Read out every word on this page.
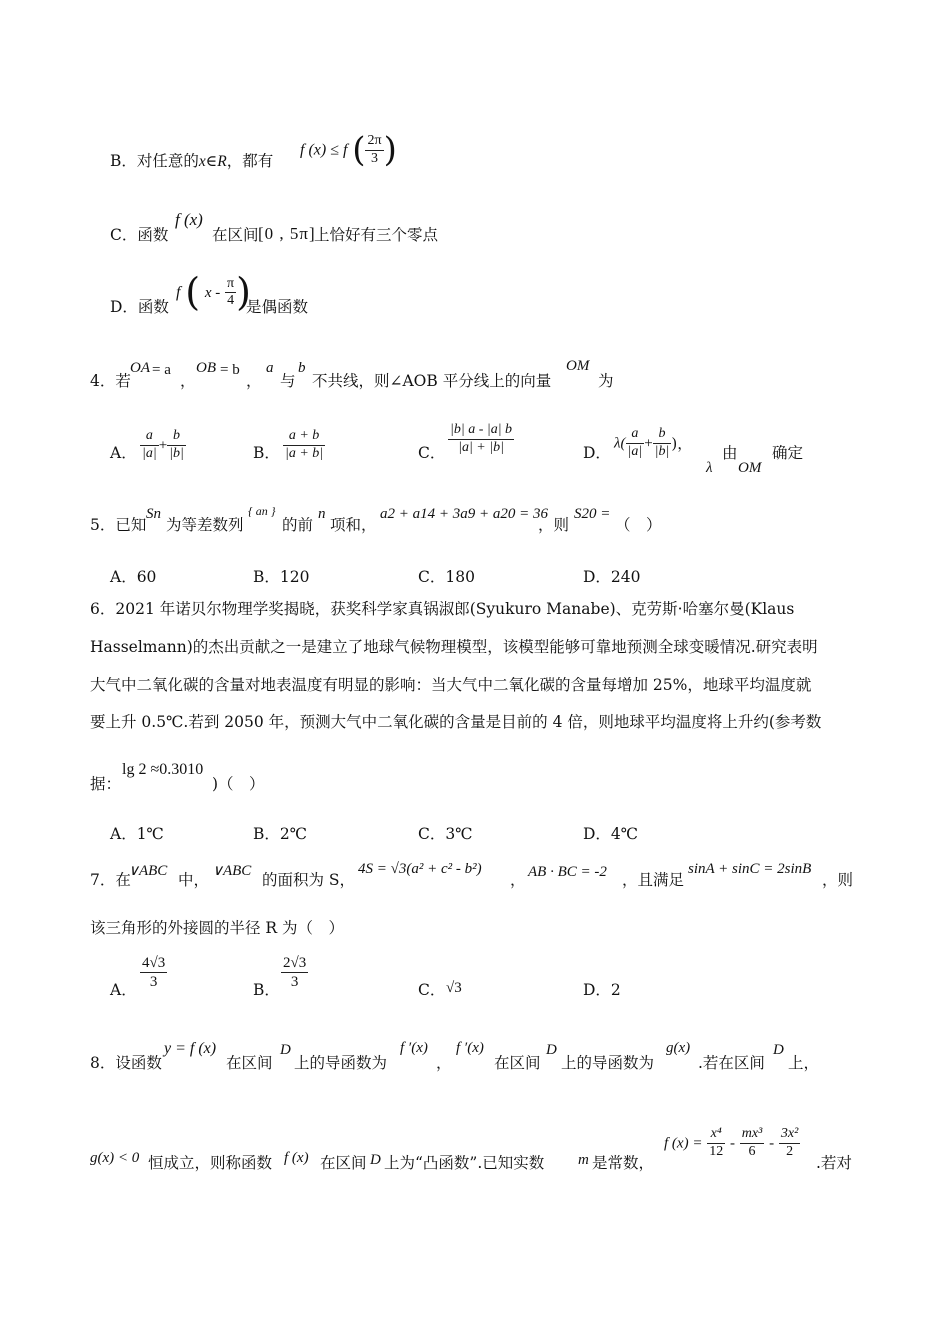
B．对任意的x∈R，都有
f (x) ≤ f ( $\frac{2\pi}{3}$ )
C．函数
f (x)
在区间 [0 , 5π]
上恰好有三个零点
D．函数
f ( x - $\frac{\pi}{4}$ )
是偶函数
4．若
OA = a
，
OB = b
，
a
与
b
不共线，则∠AOB 平分线上的向量
OM
为
A． $\frac{a}{|a|} + \frac{b}{|b|}$	B． $\frac{a + b}{|a + b|}$	C． $\frac{|b| a - |a| b}{|a| + |b|}$	D．
$\lambda( \frac{a}{|a|} + \frac{b}{|b|}$ )，
由
λ OM
确定
5．已知
Sn
为等差数列
{ an }
的前
n
项和，
a2 + a14 + 3a9 + a20 = 36
，则
S20 =
（　）
A．60	B．120	C．180	D．240
6．2021 年诺贝尔物理学奖揭晓，获奖科学家真锅淑郎(Syukuro Manabe)、克劳斯·哈塞尔曼(Klaus
Hasselmann)的杰出贡献之一是建立了地球气候物理模型，该模型能够可靠地预测全球变暖情况.研究表明
大气中二氧化碳的含量对地表温度有明显的影响：当大气中二氧化碳的含量每增加 25%，地球平均温度就
要上升 0.5℃.若到 2050 年，预测大气中二氧化碳的含量是目前的 4 倍，则地球平均温度将上升约(参考数
据：
lg 2 ≈0.3010
)（　）
A．1℃	B．2℃	C．3℃	D．4℃
7．在
∨ABC 中， ∨ABC 的面积为 S，
4S = √3(a² + c² - b²)
， AB · BC = -2 ，且满足
sinA + sinC = 2sinB
，则
该三角形的外接圆的半径 R 为（　）
A． $\frac{4√3}{3}$	B． $\frac{2√3}{3}$	C． √3	D．2
8．设函数
y = f (x)
在区间
D
上的导函数为
f ′(x)
，
f ′(x)
在区间
D
上的导函数为
g(x)
.若在区间
D
上，
g(x) < 0 恒成立，则称函数 f (x) 在区间 D 上为“凸函数”.已知实数 m 是常数，
f $(x) = \frac{\text{x⁴}}{12} - \frac{\text{mx³}}{6} - \frac{\text{3x²}}{2}$
.若对
